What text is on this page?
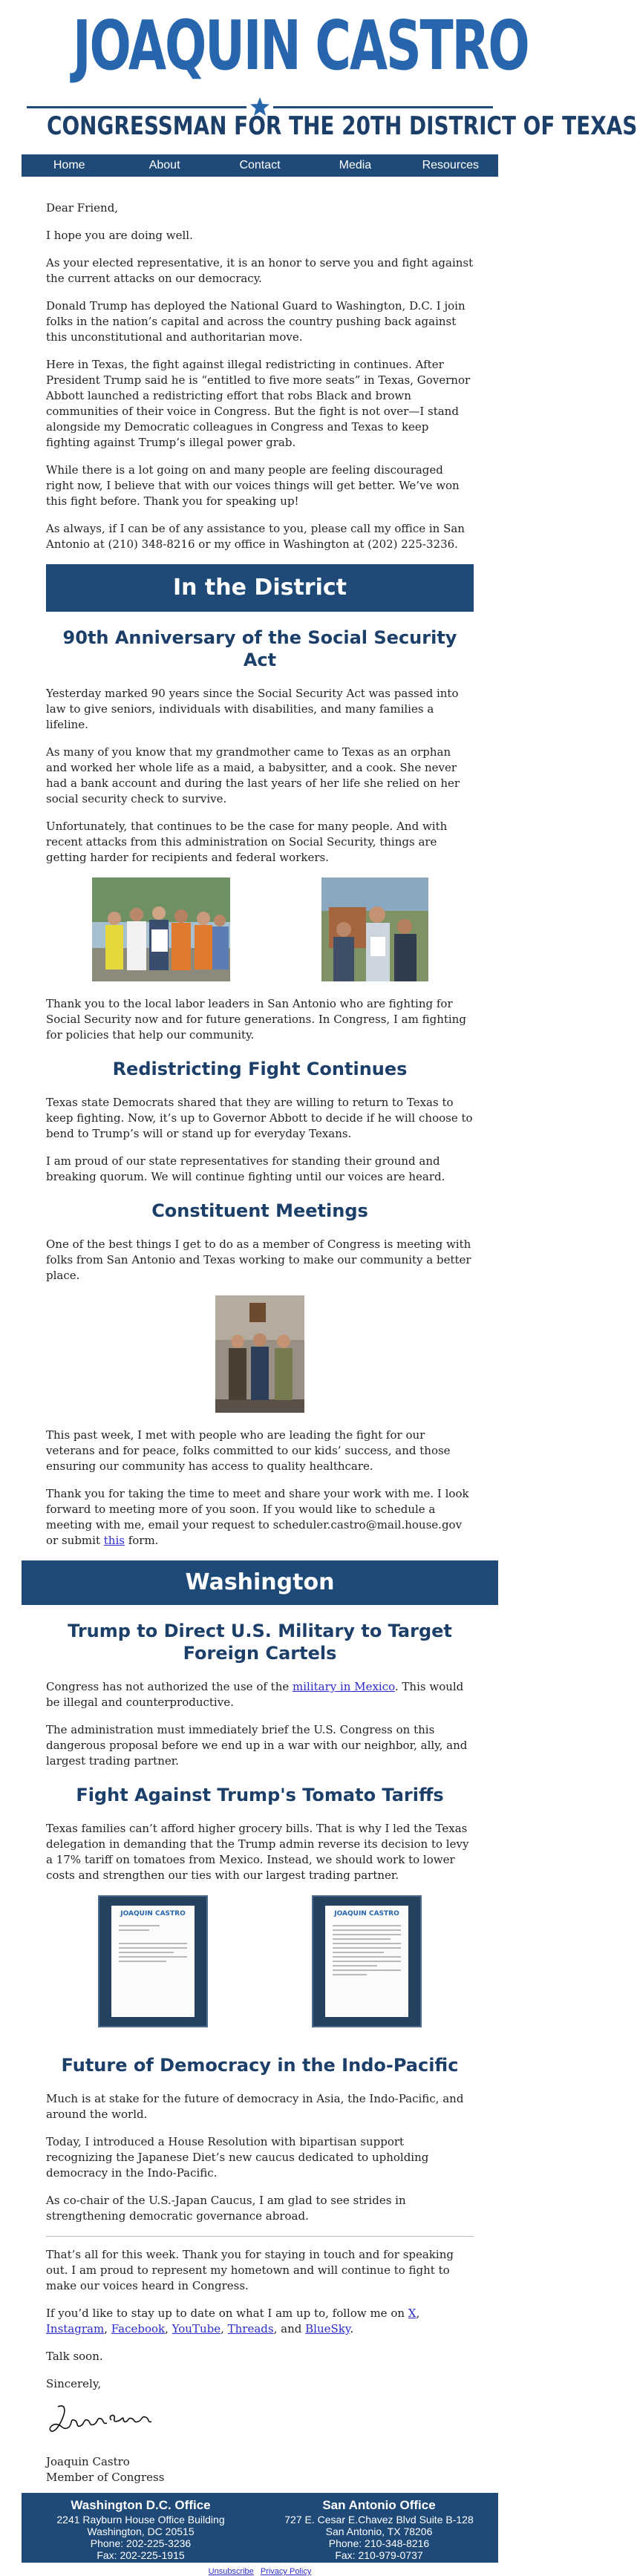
JOAQUIN CASTRO
CONGRESSMAN FOR THE 20TH DISTRICT OF TEXAS
Home	About	Contact	Media	Resources

Dear Friend,

I hope you are doing well.

As your elected representative, it is an honor to serve you and fight against the current attacks on our democracy.

Donald Trump has deployed the National Guard to Washington, D.C. I join folks in the nation’s capital and across the country pushing back against this unconstitutional and authoritarian move.

Here in Texas, the fight against illegal redistricting in continues. After President Trump said he is “entitled to five more seats” in Texas, Governor Abbott launched a redistricting effort that robs Black and brown communities of their voice in Congress. But the fight is not over—I stand alongside my Democratic colleagues in Congress and Texas to keep fighting against Trump’s illegal power grab.

While there is a lot going on and many people are feeling discouraged right now, I believe that with our voices things will get better. We’ve won this fight before. Thank you for speaking up!

As always, if I can be of any assistance to you, please call my office in San Antonio at (210) 348-8216 or my office in Washington at (202) 225-3236.

In the District
90th Anniversary of the Social Security Act

Yesterday marked 90 years since the Social Security Act was passed into law to give seniors, individuals with disabilities, and many families a lifeline.

As many of you know that my grandmother came to Texas as an orphan and worked her whole life as a maid, a babysitter, and a cook. She never had a bank account and during the last years of her life she relied on her social security check to survive.

Unfortunately, that continues to be the case for many people. And with recent attacks from this administration on Social Security, things are getting harder for recipients and federal workers.

Thank you to the local labor leaders in San Antonio who are fighting for Social Security now and for future generations. In Congress, I am fighting for policies that help our community.

Redistricting Fight Continues

Texas state Democrats shared that they are willing to return to Texas to keep fighting. Now, it’s up to Governor Abbott to decide if he will choose to bend to Trump’s will or stand up for everyday Texans.

I am proud of our state representatives for standing their ground and breaking quorum. We will continue fighting until our voices are heard.

Constituent Meetings

One of the best things I get to do as a member of Congress is meeting with folks from San Antonio and Texas working to make our community a better place.

This past week, I met with people who are leading the fight for our veterans and for peace, folks committed to our kids’ success, and those ensuring our community has access to quality healthcare.

Thank you for taking the time to meet and share your work with me. I look forward to meeting more of you soon. If you would like to schedule a meeting with me, email your request to scheduler.castro@mail.house.gov or submit this form.

Washington
Trump to Direct U.S. Military to Target Foreign Cartels

Congress has not authorized the use of the military in Mexico. This would be illegal and counterproductive.

The administration must immediately brief the U.S. Congress on this dangerous proposal before we end up in a war with our neighbor, ally, and largest trading partner.

Fight Against Trump's Tomato Tariffs

Texas families can’t afford higher grocery bills. That is why I led the Texas delegation in demanding that the Trump admin reverse its decision to levy a 17% tariff on tomatoes from Mexico. Instead, we should work to lower costs and strengthen our ties with our largest trading partner.

JOAQUIN CASTRO	JOAQUIN CASTRO
Future of Democracy in the Indo-Pacific

Much is at stake for the future of democracy in Asia, the Indo-Pacific, and around the world.

Today, I introduced a House Resolution with bipartisan support recognizing the Japanese Diet’s new caucus dedicated to upholding democracy in the Indo-Pacific.

As co-chair of the U.S.-Japan Caucus, I am glad to see strides in strengthening democratic governance abroad.

That’s all for this week. Thank you for staying in touch and for speaking out. I am proud to represent my hometown and will continue to fight to make our voices heard in Congress.

If you’d like to stay up to date on what I am up to, follow me on X, Instagram, Facebook, YouTube, Threads, and BlueSky.

Talk soon.

Sincerely,

Joaquin Castro

Member of Congress

Washington D.C. Office
2241 Rayburn House Office Building
Washington, DC 20515
Phone: 202-225-3236
Fax: 202-225-1915
San Antonio Office
727 E. Cesar E.Chavez Blvd Suite B-128
San Antonio, TX 78206
Phone: 210-348-8216
Fax: 210-979-0737
Unsubscribe Privacy Policy
